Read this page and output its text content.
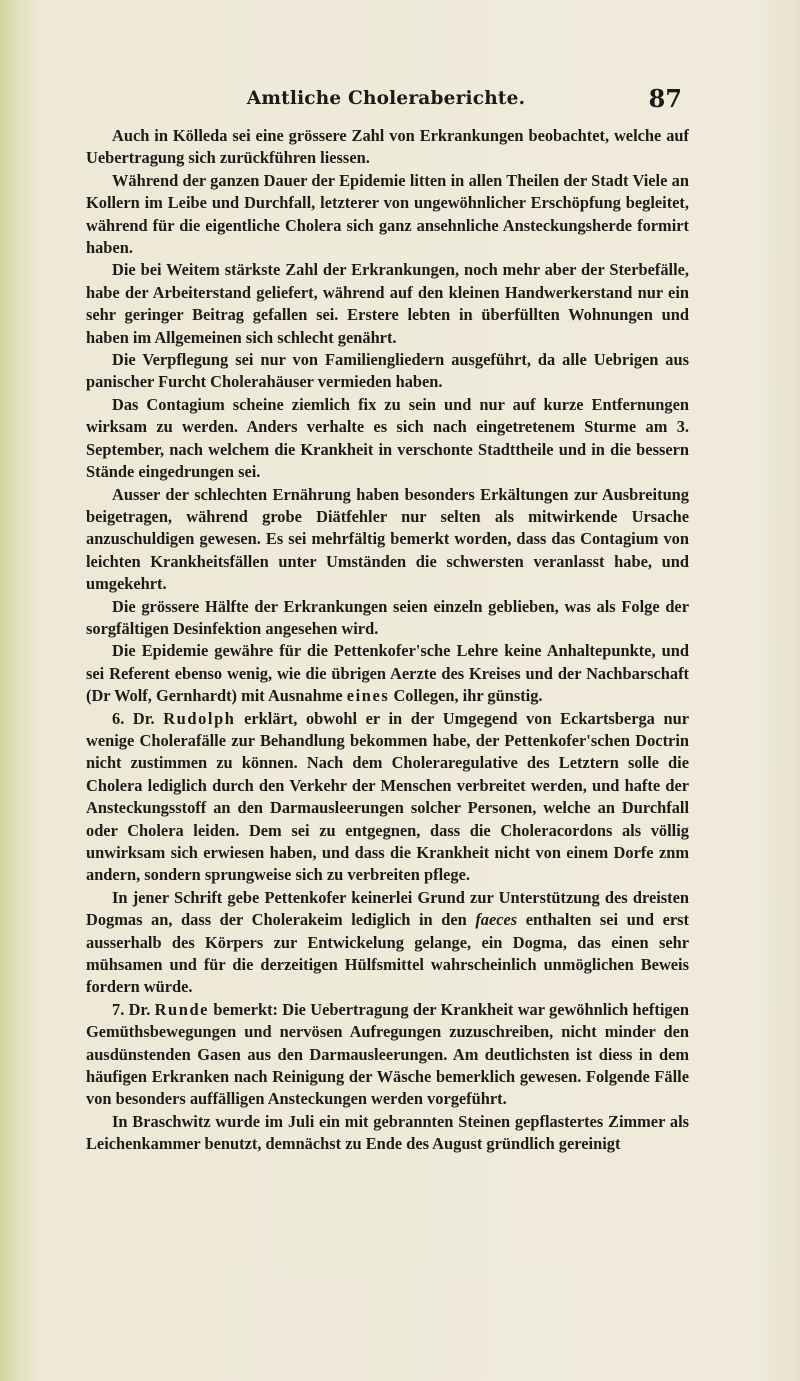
Amtliche Choleraberichte.	87

Auch in Kölleda sei eine grössere Zahl von Erkrankungen beobachtet, welche auf Uebertragung sich zurückführen liessen.

Während der ganzen Dauer der Epidemie litten in allen Theilen der Stadt Viele an Kollern im Leibe und Durchfall, letzterer von ungewöhnlicher Erschöpfung begleitet, während für die eigentliche Cholera sich ganz ansehnliche Ansteckungsherde formirt haben.

Die bei Weitem stärkste Zahl der Erkrankungen, noch mehr aber der Sterbefälle, habe der Arbeiterstand geliefert, während auf den kleinen Handwerkerstand nur ein sehr geringer Beitrag gefallen sei. Erstere lebten in überfüllten Wohnungen und haben im Allgemeinen sich schlecht genährt.

Die Verpflegung sei nur von Familiengliedern ausgeführt, da alle Uebrigen aus panischer Furcht Cholerahäuser vermieden haben.

Das Contagium scheine ziemlich fix zu sein und nur auf kurze Entfernungen wirksam zu werden. Anders verhalte es sich nach eingetretenem Sturme am 3. September, nach welchem die Krankheit in verschonte Stadttheile und in die bessern Stände eingedrungen sei.

Ausser der schlechten Ernährung haben besonders Erkältungen zur Ausbreitung beigetragen, während grobe Diätfehler nur selten als mitwirkende Ursache anzuschuldigen gewesen. Es sei mehrfältig bemerkt worden, dass das Contagium von leichten Krankheitsfällen unter Umständen die schwersten veranlasst habe, und umgekehrt.

Die grössere Hälfte der Erkrankungen seien einzeln geblieben, was als Folge der sorgfältigen Desinfektion angesehen wird.

Die Epidemie gewähre für die Pettenkofer'sche Lehre keine Anhaltepunkte, und sei Referent ebenso wenig, wie die übrigen Aerzte des Kreises und der Nachbarschaft (Dr Wolf, Gernhardt) mit Ausnahme eines Collegen, ihr günstig.

6. Dr. Rudolph erklärt, obwohl er in der Umgegend von Eckartsberga nur wenige Cholerafälle zur Behandlung bekommen habe, der Pettenkofer'schen Doctrin nicht zustimmen zu können. Nach dem Choleraregulative des Letztern solle die Cholera lediglich durch den Verkehr der Menschen verbreitet werden, und hafte der Ansteckungsstoff an den Darmausleerungen solcher Personen, welche an Durchfall oder Cholera leiden. Dem sei zu entgegnen, dass die Choleracordons als völlig unwirksam sich erwiesen haben, und dass die Krankheit nicht von einem Dorfe znm andern, sondern sprungweise sich zu verbreiten pflege.

In jener Schrift gebe Pettenkofer keinerlei Grund zur Unterstützung des dreisten Dogmas an, dass der Cholerakeim lediglich in den faeces enthalten sei und erst ausserhalb des Körpers zur Entwickelung gelange, ein Dogma, das einen sehr mühsamen und für die derzeitigen Hülfsmittel wahrscheinlich unmöglichen Beweis fordern würde.

7. Dr. Runde bemerkt: Die Uebertragung der Krankheit war gewöhnlich heftigen Gemüthsbewegungen und nervösen Aufregungen zuzuschreiben, nicht minder den ausdünstenden Gasen aus den Darmausleerungen. Am deutlichsten ist diess in dem häufigen Erkranken nach Reinigung der Wäsche bemerklich gewesen. Folgende Fälle von besonders auffälligen Ansteckungen werden vorgeführt.

In Braschwitz wurde im Juli ein mit gebrannten Steinen gepflastertes Zimmer als Leichenkammer benutzt, demnächst zu Ende des August gründlich gereinigt
